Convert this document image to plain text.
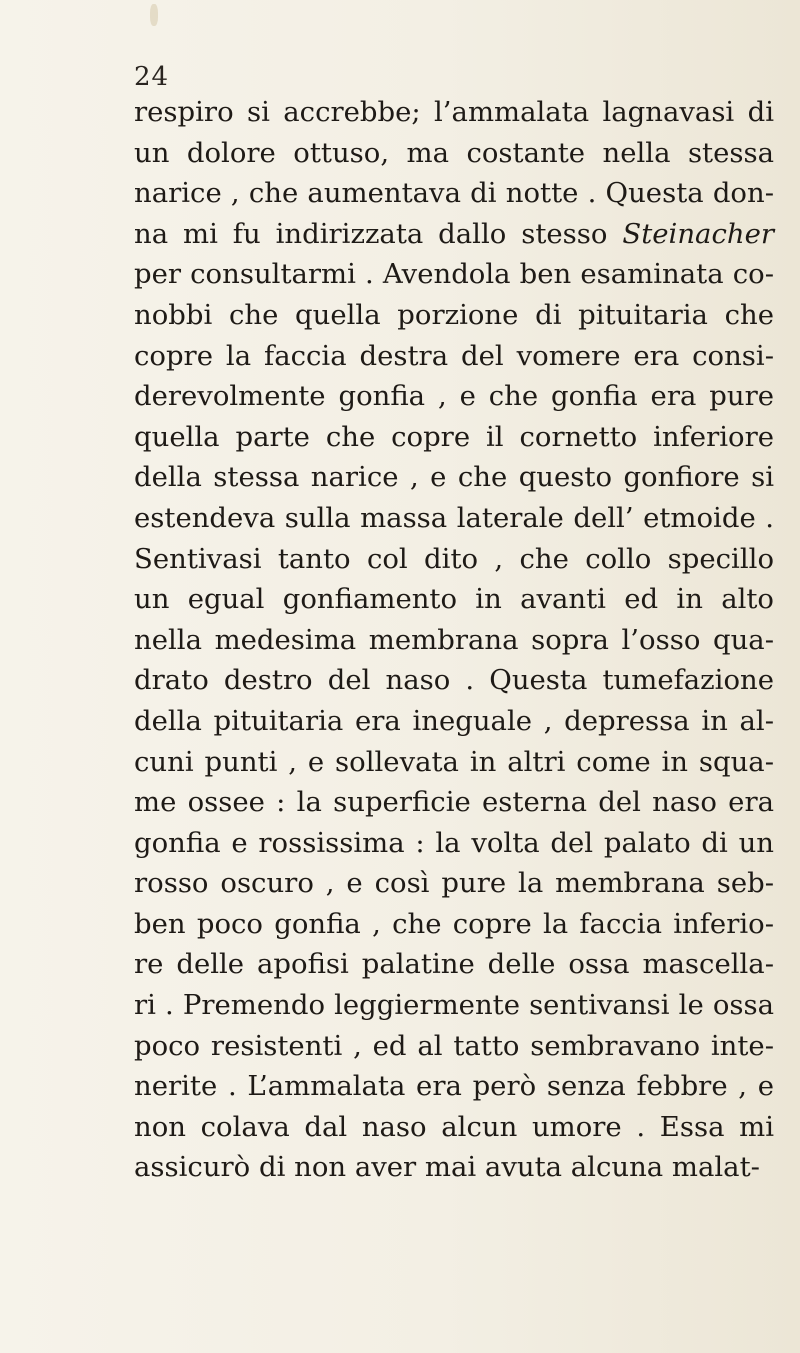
24
respiro si accrebbe; l’ammalata lagnavasi di
un dolore ottuso, ma costante nella stessa
narice , che aumentava di notte . Questa don-
na mi fu indirizzata dallo stesso Steinacher
per consultarmi . Avendola ben esaminata co-
nobbi che quella porzione di pituitaria che
copre la faccia destra del vomere era consi-
derevolmente gonfia , e che gonfia era pure
quella parte che copre il cornetto inferiore
della stessa narice , e che questo gonfiore si
estendeva sulla massa laterale dell’ etmoide .
Sentivasi tanto col dito , che collo specillo
un egual gonfiamento in avanti ed in alto
nella medesima membrana sopra l’osso qua-
drato destro del naso . Questa tumefazione
della pituitaria era ineguale , depressa in al-
cuni punti , e sollevata in altri come in squa-
me ossee : la superficie esterna del naso era
gonfia e rossissima : la volta del palato di un
rosso oscuro , e così pure la membrana seb-
ben poco gonfia , che copre la faccia inferio-
re delle apofisi palatine delle ossa mascella-
ri . Premendo leggiermente sentivansi le ossa
poco resistenti , ed al tatto sembravano inte-
nerite . L’ammalata era però senza febbre , e
non colava dal naso alcun umore . Essa mi
assicurò di non aver mai avuta alcuna malat-
